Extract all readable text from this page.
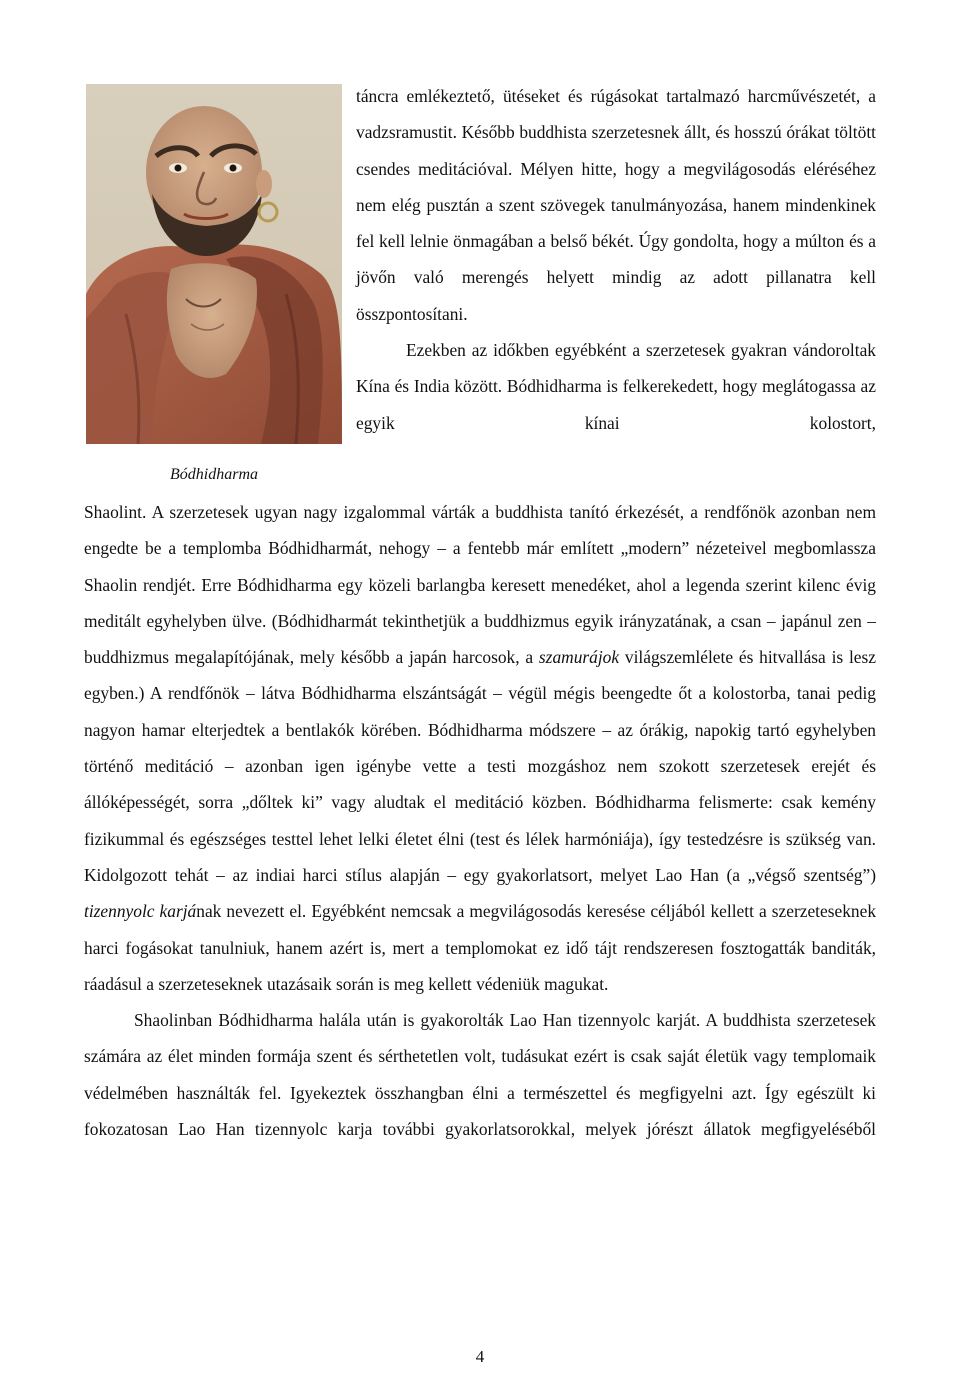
Bódhidharma

táncra emlékeztető, ütéseket és rúgásokat tartalmazó harcművészetét, a vadzsramustit. Később buddhista szerzetesnek állt, és hosszú órákat töltött csendes meditációval. Mélyen hitte, hogy a megvilágosodás eléréséhez nem elég pusztán a szent szövegek tanulmányozása, hanem mindenkinek fel kell lelnie önmagában a belső békét. Úgy gondolta, hogy a múlton és a jövőn való merengés helyett mindig az adott pillanatra kell összpontosítani.

Ezekben az időkben egyébként a szerzetesek gyakran vándoroltak Kína és India között. Bódhidharma is felkerekedett, hogy meglátogassa az egyik kínai kolostort,

Shaolint. A szerzetesek ugyan nagy izgalommal várták a buddhista tanító érkezését, a rendfőnök azonban nem engedte be a templomba Bódhidharmát, nehogy – a fentebb már említett „modern” nézeteivel megbomlassza Shaolin rendjét. Erre Bódhidharma egy közeli barlangba keresett menedéket, ahol a legenda szerint kilenc évig meditált egyhelyben ülve. (Bódhidharmát tekinthetjük a buddhizmus egyik irányzatának, a csan – japánul zen – buddhizmus megalapítójának, mely később a japán harcosok, a szamurájok világszemlélete és hitvallása is lesz egyben.) A rendfőnök – látva Bódhidharma elszántságát – végül mégis beengedte őt a kolostorba, tanai pedig nagyon hamar elterjedtek a bentlakók körében. Bódhidharma módszere – az órákig, napokig tartó egyhelyben történő meditáció – azonban igen igénybe vette a testi mozgáshoz nem szokott szerzetesek erejét és állóképességét, sorra „dőltek ki” vagy aludtak el meditáció közben. Bódhidharma felismerte: csak kemény fizikummal és egészséges testtel lehet lelki életet élni (test és lélek harmóniája), így testedzésre is szükség van. Kidolgozott tehát – az indiai harci stílus alapján – egy gyakorlatsort, melyet Lao Han (a „végső szentség”) tizennyolc karjának nevezett el. Egyébként nemcsak a megvilágosodás keresése céljából kellett a szerzeteseknek harci fogásokat tanulniuk, hanem azért is, mert a templomokat ez idő tájt rendszeresen fosztogatták banditák, ráadásul a szerzeteseknek utazásaik során is meg kellett védeniük magukat.

Shaolinban Bódhidharma halála után is gyakorolták Lao Han tizennyolc karját. A buddhista szerzetesek számára az élet minden formája szent és sérthetetlen volt, tudásukat ezért is csak saját életük vagy templomaik védelmében használták fel. Igyekeztek összhangban élni a természettel és megfigyelni azt. Így egészült ki fokozatosan Lao Han tizennyolc karja további gyakorlatsorokkal, melyek jórészt állatok megfigyeléséből

4
